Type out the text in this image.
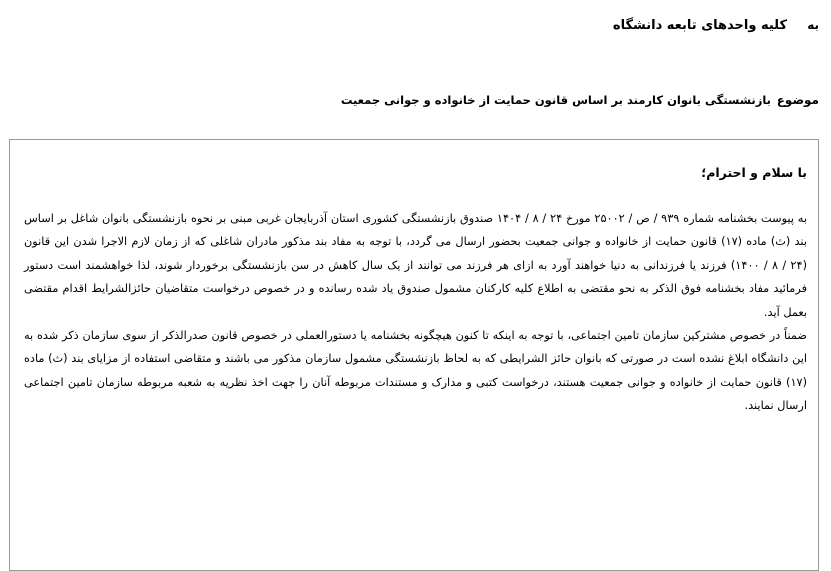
به
کلیه واحدهای تابعه دانشگاه
موضوع
بازنشستگی بانوان کارمند بر اساس قانون حمایت از خانواده و جوانی جمعیت
با سلام و احترام؛

به پیوست بخشنامه شماره ۹۳۹ / ص / ۲۵۰۰۲ مورخ ۲۴ / ۸ / ۱۴۰۴ صندوق بازنشستگی کشوری استان آذربایجان غربی مبنی بر نحوه بازنشستگی بانوان شاغل بر اساس بند (ث) ماده (۱۷) قانون حمایت از خانواده و جوانی جمعیت بحضور ارسال می گردد، با توجه به مفاد بند مذکور مادران شاغلی که از زمان لازم الاجرا شدن این قانون (۲۴ / ۸ / ۱۴۰۰) فرزند یا فرزندانی به دنیا خواهند آورد به ازای هر فرزند می توانند از یک سال کاهش در سن بازنشستگی برخوردار شوند، لذا خواهشمند است دستور فرمائید مفاد بخشنامه فوق الذکر به نحو مقتضی به اطلاع کلیه کارکنان مشمول صندوق یاد شده رسانده و در خصوص درخواست متقاضیان حائزالشرایط اقدام مقتضی بعمل آید.

ضمناً در خصوص مشترکین سازمان تامین اجتماعی، با توجه به اینکه تا کنون هیچگونه بخشنامه یا دستورالعملی در خصوص قانون صدرالذکر از سوی سازمان ذکر شده به این دانشگاه ابلاغ نشده است در صورتی که بانوان حائز الشرایطی که به لحاظ بازنشستگی مشمول سازمان مذکور می باشند و متقاضی استفاده از مزایای بند (ث) ماده (۱۷) قانون حمایت از خانواده و جوانی جمعیت هستند، درخواست کتبی و مدارک و مستندات مربوطه آنان را جهت اخذ نظریه به شعبه مربوطه سازمان تامین اجتماعی ارسال نمایند.
